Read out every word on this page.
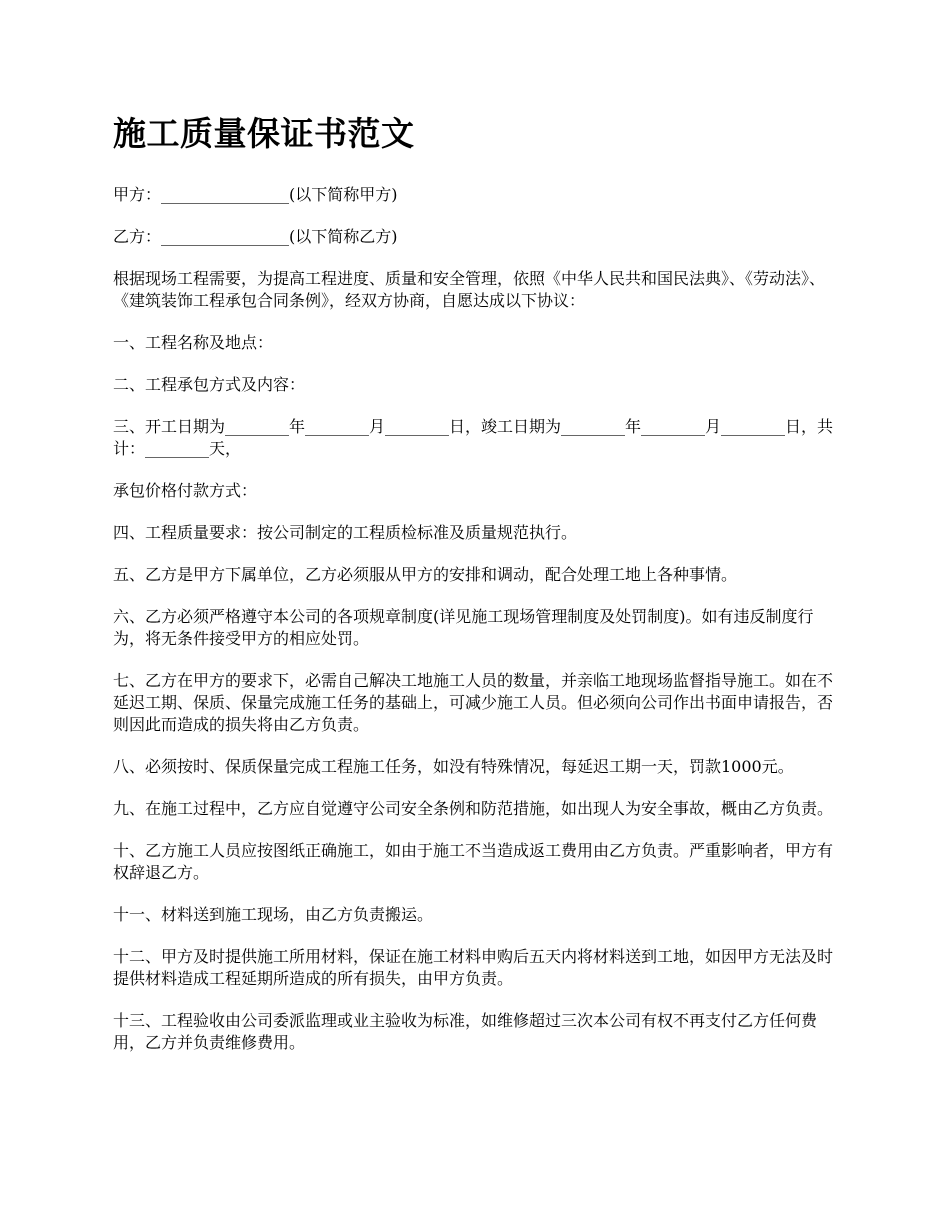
施工质量保证书范文

甲方：________________(以下简称甲方)

乙方：________________(以下简称乙方)

根据现场工程需要，为提高工程进度、质量和安全管理，依照《中华人民共和国民法典》、《劳动法》、《建筑装饰工程承包合同条例》，经双方协商，自愿达成以下协议：

一、工程名称及地点：

二、工程承包方式及内容：

三、开工日期为________年________月________日，竣工日期为________年________月________日，共计：________天，

承包价格付款方式：

四、工程质量要求：按公司制定的工程质检标准及质量规范执行。

五、乙方是甲方下属单位，乙方必须服从甲方的安排和调动，配合处理工地上各种事情。

六、乙方必须严格遵守本公司的各项规章制度(详见施工现场管理制度及处罚制度)。如有违反制度行为，将无条件接受甲方的相应处罚。

七、乙方在甲方的要求下，必需自己解决工地施工人员的数量，并亲临工地现场监督指导施工。如在不延迟工期、保质、保量完成施工任务的基础上，可减少施工人员。但必须向公司作出书面申请报告，否则因此而造成的损失将由乙方负责。

八、必须按时、保质保量完成工程施工任务，如没有特殊情况，每延迟工期一天，罚款1000元。

九、在施工过程中，乙方应自觉遵守公司安全条例和防范措施，如出现人为安全事故，概由乙方负责。

十、乙方施工人员应按图纸正确施工，如由于施工不当造成返工费用由乙方负责。严重影响者，甲方有权辞退乙方。

十一、材料送到施工现场，由乙方负责搬运。

十二、甲方及时提供施工所用材料，保证在施工材料申购后五天内将材料送到工地，如因甲方无法及时提供材料造成工程延期所造成的所有损失，由甲方负责。

十三、工程验收由公司委派监理或业主验收为标准，如维修超过三次本公司有权不再支付乙方任何费用，乙方并负责维修费用。
